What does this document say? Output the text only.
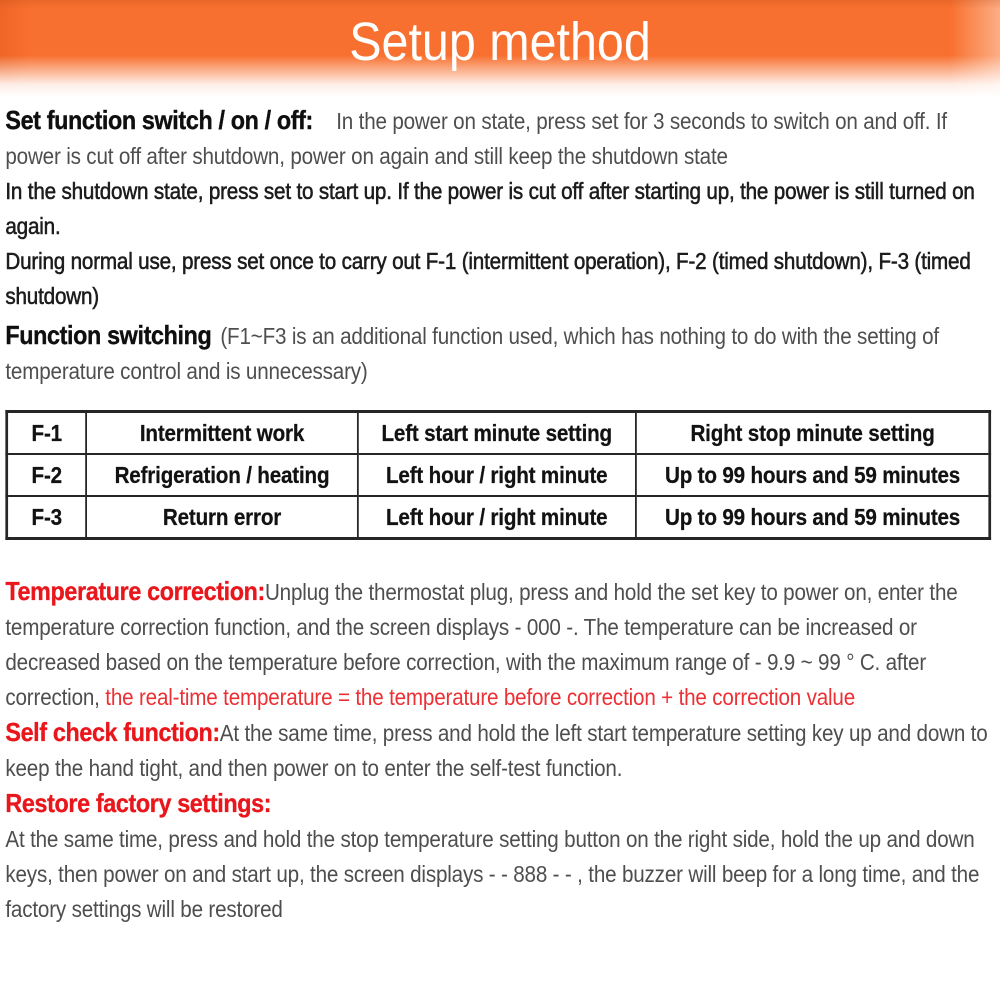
Setup method

Set function switch / on / off: In the power on state, press set for 3 seconds to switch on and off. If power is cut off after shutdown, power on again and still keep the shutdown state

In the shutdown state, press set to start up. If the power is cut off after starting up, the power is still turned on again.

During normal use, press set once to carry out F-1 (intermittent operation), F-2 (timed shutdown), F-3 (timed shutdown)

Function switching (F1~F3 is an additional function used, which has nothing to do with the setting of temperature control and is unnecessary)

F-1	Intermittent work	Left start minute setting	Right stop minute setting
F-2	Refrigeration / heating	Left hour / right minute	Up to 99 hours and 59 minutes
F-3	Return error	Left hour / right minute	Up to 99 hours and 59 minutes

Temperature correction:Unplug the thermostat plug, press and hold the set key to power on, enter the temperature correction function, and the screen displays - 000 -. The temperature can be increased or decreased based on the temperature before correction, with the maximum range of - 9.9 ~ 99 ° C. after correction, the real-time temperature = the temperature before correction + the correction value

Self check function:At the same time, press and hold the left start temperature setting key up and down to keep the hand tight, and then power on to enter the self-test function.

Restore factory settings:

At the same time, press and hold the stop temperature setting button on the right side, hold the up and down keys, then power on and start up, the screen displays - - 888 - - , the buzzer will beep for a long time, and the factory settings will be restored
